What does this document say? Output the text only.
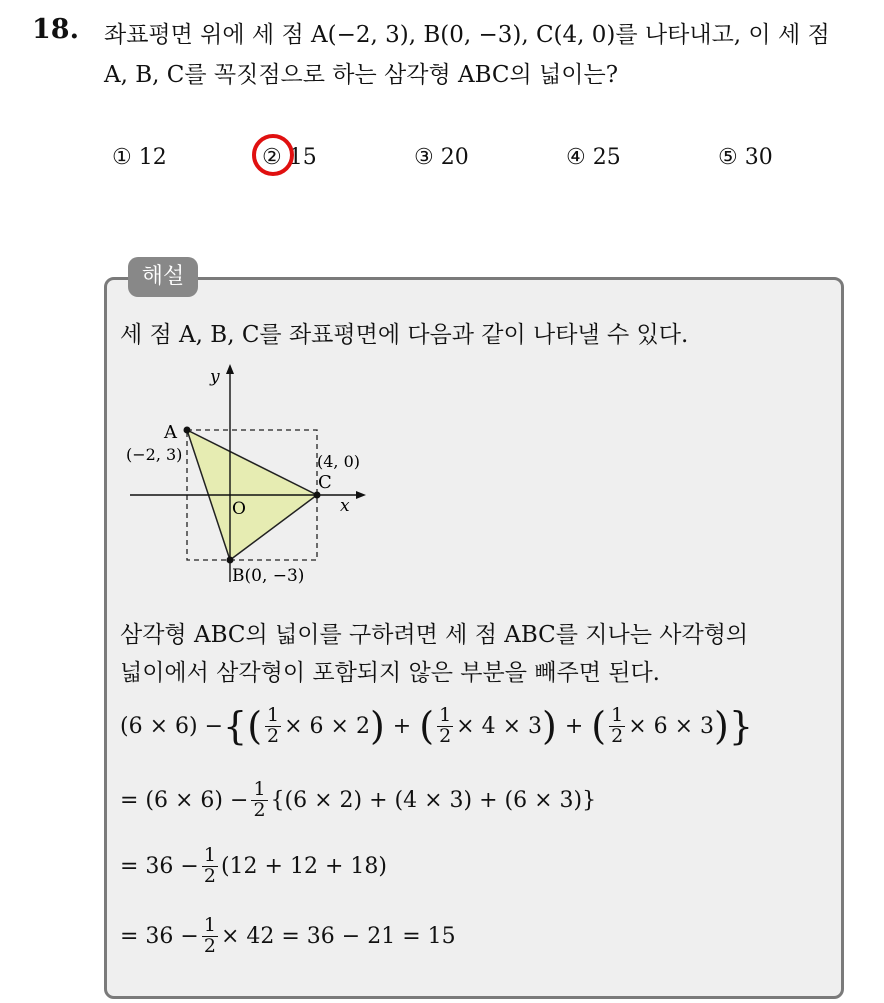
18. 좌표평면 위에 세 점 A(−2, 3), B(0, −3), C(4, 0)를 나타내고, 이 세 점
A, B, C를 꼭짓점으로 하는 삼각형 ABC의 넓이는?
① 12	② 15	③ 20	④ 25	⑤ 30
해설
세 점 A, B, C를 좌표평면에 다음과 같이 나타낼 수 있다.
y
x
O
A
(−2, 3)
B(0, −3)
(4, 0)
C
삼각형 ABC의 넓이를 구하려면 세 점 ABC를 지나는 사각형의
넓이에서 삼각형이 포함되지 않은 부분을 빼주면 된다.
(6 × 6) − { ( $\frac{1}{2} \times 6 \times 2$ ) + ( $\frac{1}{2} \times 4 \times 3$ ) + ( $\frac{1}{2} \times 6 \times 3$ ) }
= $(6 \times 6) - \frac{1}{2} \{(6 \times 2) + (4 \times 3) + (6 \times 3)\}$
= $36 - \frac{1}{2} (12 + 12 + 18)$
= $36 - \frac{1}{2} \times 42 = 36 - 21 = 15$
